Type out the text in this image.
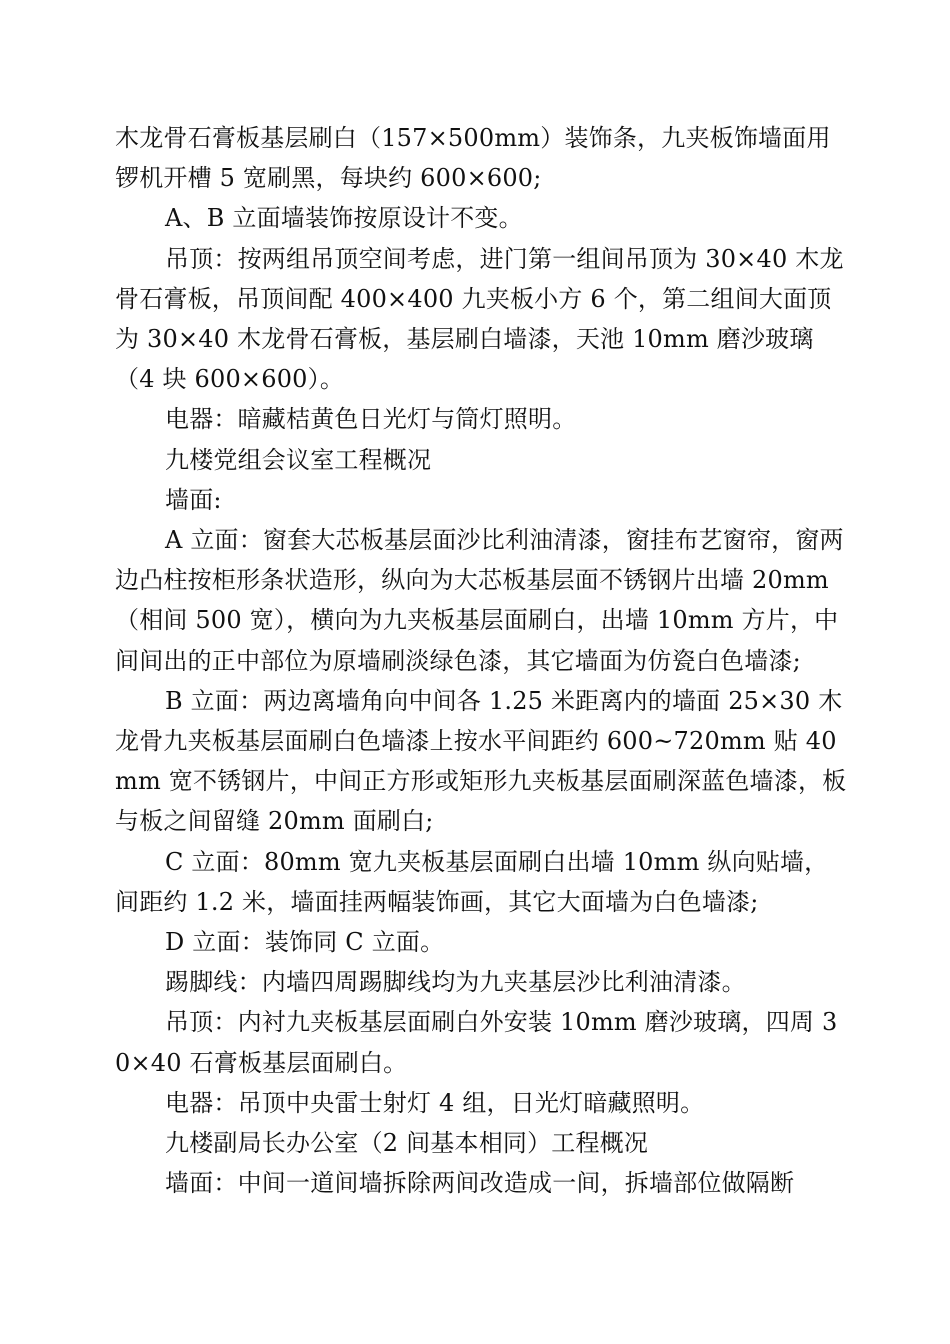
木龙骨石膏板基层刷白（157×500mm）装饰条，九夹板饰墙面用锣机开槽 5 宽刷黑，每块约 600×600;

A、B 立面墙装饰按原设计不变。

吊顶：按两组吊顶空间考虑，进门第一组间吊顶为 30×40 木龙骨石膏板，吊顶间配 400×400 九夹板小方 6 个，第二组间大面顶为 30×40 木龙骨石膏板，基层刷白墙漆，天池 10mm 磨沙玻璃（4 块 600×600）。

电器：暗藏桔黄色日光灯与筒灯照明。

九楼党组会议室工程概况

墙面:

A 立面：窗套大芯板基层面沙比利油清漆，窗挂布艺窗帘，窗两边凸柱按柜形条状造形，纵向为大芯板基层面不锈钢片出墙 20mm（相间 500 宽），横向为九夹板基层面刷白，出墙 10mm 方片，中间间出的正中部位为原墙刷淡绿色漆，其它墙面为仿瓷白色墙漆;

B 立面：两边离墙角向中间各 1.25 米距离内的墙面 25×30 木龙骨九夹板基层面刷白色墙漆上按水平间距约 600~720mm 贴 40mm 宽不锈钢片，中间正方形或矩形九夹板基层面刷深蓝色墙漆，板与板之间留缝 20mm 面刷白;

C 立面：80mm 宽九夹板基层面刷白出墙 10mm 纵向贴墙，间距约 1.2 米，墙面挂两幅装饰画，其它大面墙为白色墙漆;

D 立面：装饰同 C 立面。

踢脚线：内墙四周踢脚线均为九夹基层沙比利油清漆。

吊顶：内衬九夹板基层面刷白外安装 10mm 磨沙玻璃，四周 30×40 石膏板基层面刷白。

电器：吊顶中央雷士射灯 4 组，日光灯暗藏照明。

九楼副局长办公室（2 间基本相同）工程概况

墙面：中间一道间墙拆除两间改造成一间，拆墙部位做隔断
